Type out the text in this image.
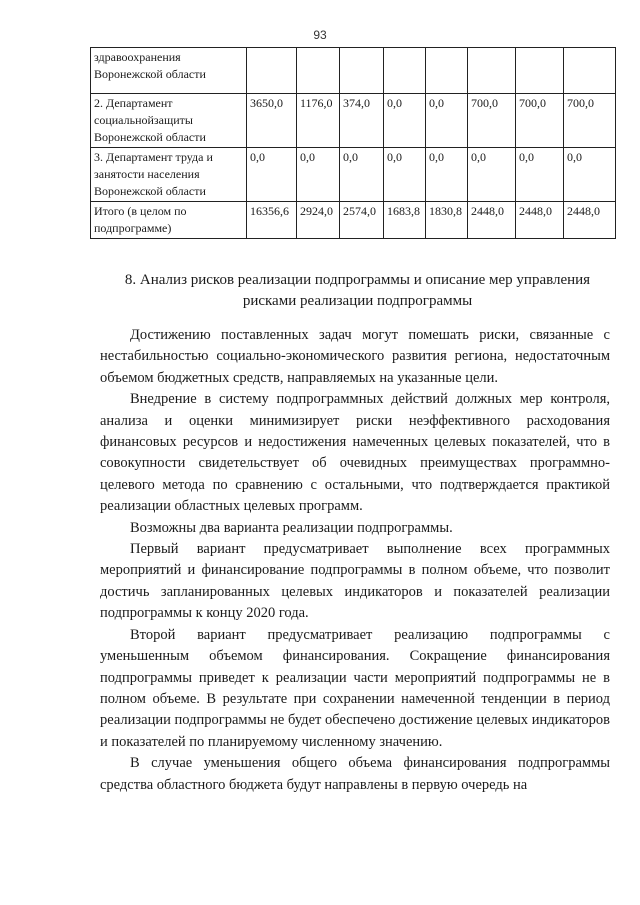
93
здравоохранения Воронежской области								
2. Департамент социальнойзащиты Воронежской области	3650,0	1176,0	374,0	0,0	0,0	700,0	700,0	700,0
3. Департамент труда и занятости населения Воронежской области	0,0	0,0	0,0	0,0	0,0	0,0	0,0	0,0
Итого (в целом по подпрограмме)	16356,6	2924,0	2574,0	1683,8	1830,8	2448,0	2448,0	2448,0
8. Анализ рисков реализации подпрограммы и описание мер управления рисками реализации подпрограммы

Достижению поставленных задач могут помешать риски, связанные с нестабильностью социально-экономического развития региона, недостаточным объемом бюджетных средств, направляемых на указанные цели.

Внедрение в систему подпрограммных действий должных мер контроля, анализа и оценки минимизирует риски неэффективного расходования финансовых ресурсов и недостижения намеченных целевых показателей, что в совокупности свидетельствует об очевидных преимуществах программно-целевого метода по сравнению с остальными, что подтверждается практикой реализации областных целевых программ.

Возможны два варианта реализации подпрограммы.

Первый вариант предусматривает выполнение всех программных мероприятий и финансирование подпрограммы в полном объеме, что позволит достичь запланированных целевых индикаторов и показателей реализации подпрограммы к концу 2020 года.

Второй вариант предусматривает реализацию подпрограммы с уменьшенным объемом финансирования. Сокращение финансирования подпрограммы приведет к реализации части мероприятий подпрограммы не в полном объеме. В результате при сохранении намеченной тенденции в период реализации подпрограммы не будет обеспечено достижение целевых индикаторов и показателей по планируемому численному значению.

В случае уменьшения общего объема финансирования подпрограммы средства областного бюджета будут направлены в первую очередь на
